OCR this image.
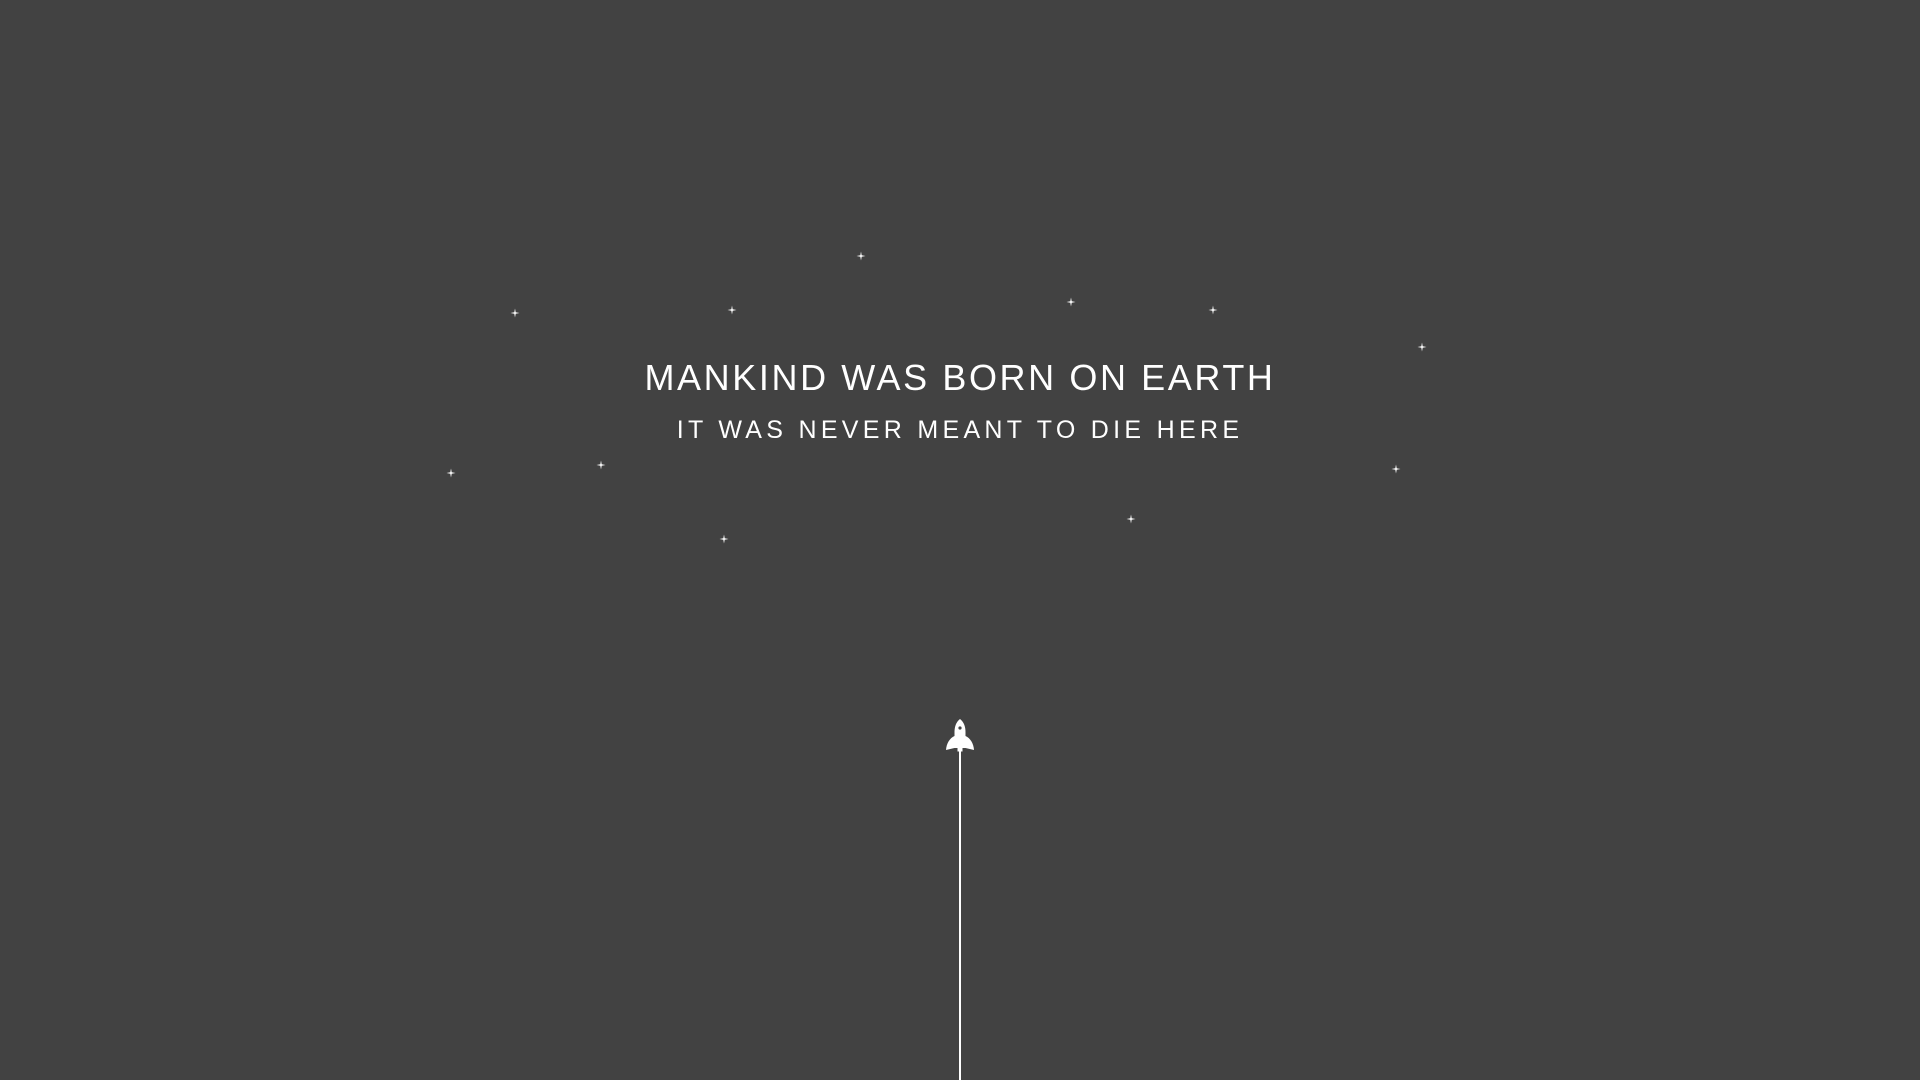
MANKIND WAS BORN ON EARTH
IT WAS NEVER MEANT TO DIE HERE
